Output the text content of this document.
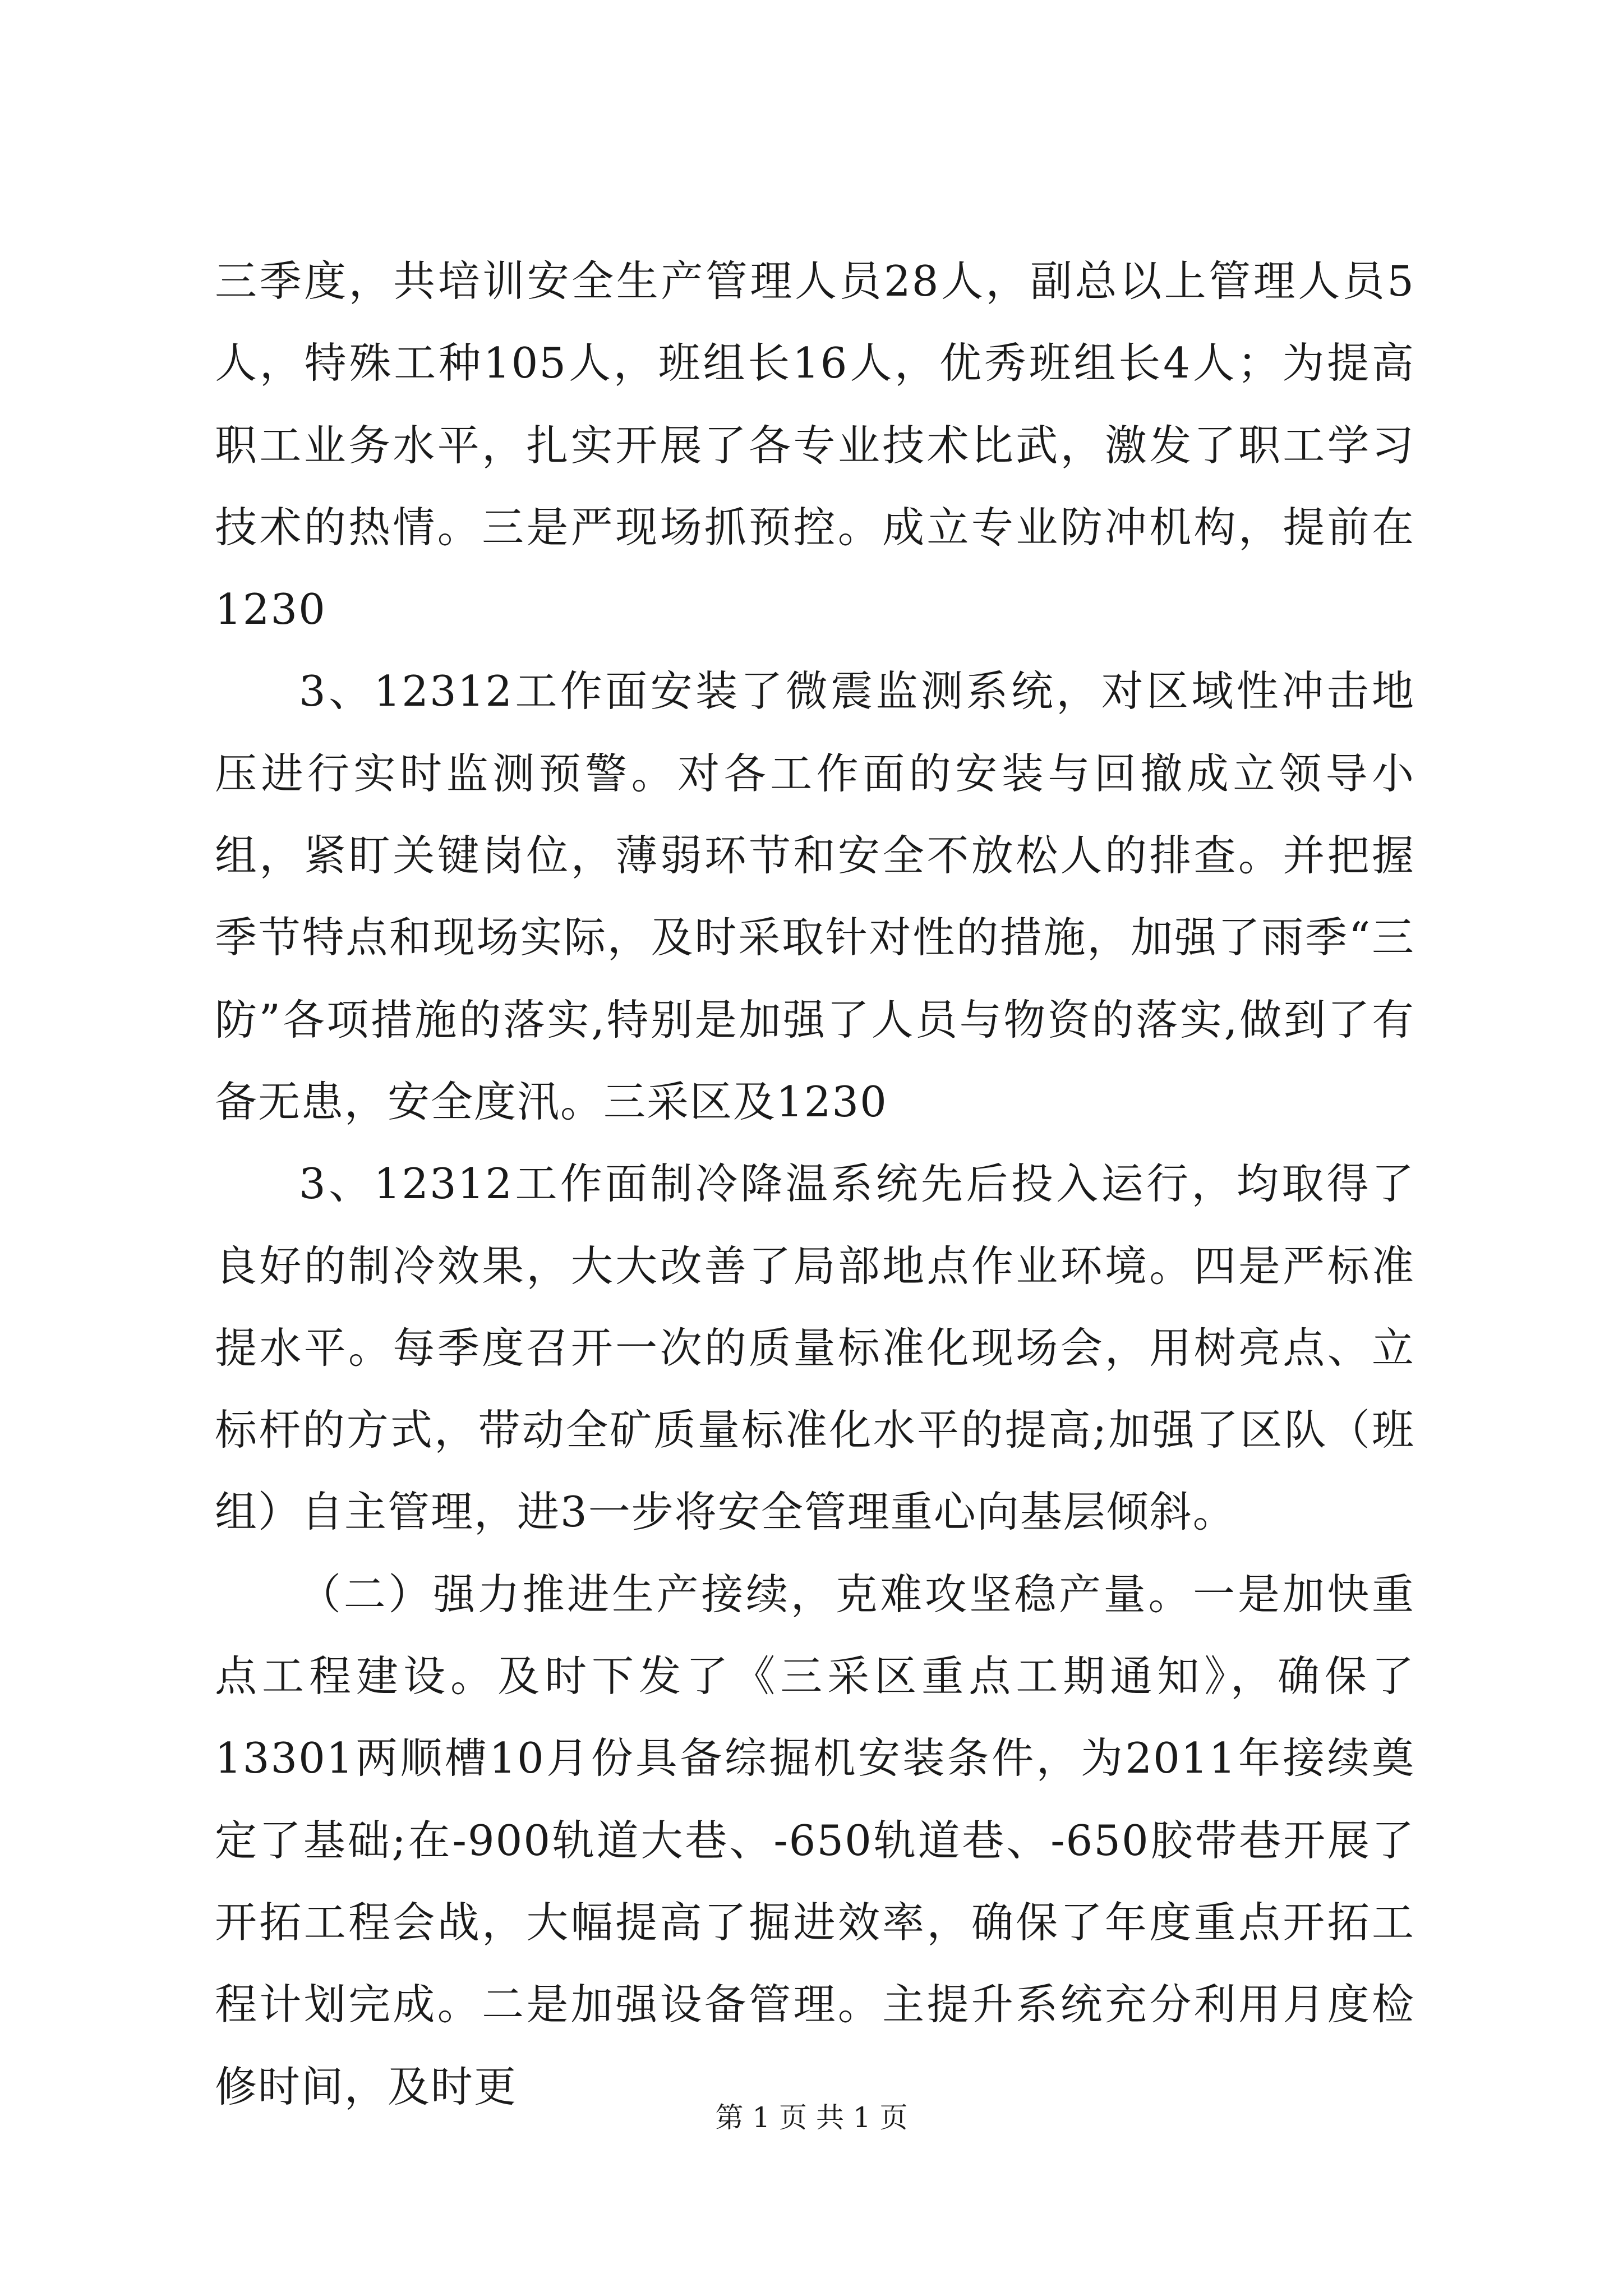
三季度，共培训安全生产管理人员28人，副总以上管理人员5人，特殊工种105人，班组长16人，优秀班组长4人；为提高职工业务水平，扎实开展了各专业技术比武，激发了职工学习技术的热情。三是严现场抓预控。成立专业防冲机构，提前在1230

3、12312工作面安装了微震监测系统，对区域性冲击地压进行实时监测预警。对各工作面的安装与回撤成立领导小组，紧盯关键岗位，薄弱环节和安全不放松人的排查。并把握季节特点和现场实际，及时采取针对性的措施，加强了雨季“三防”各项措施的落实,特别是加强了人员与物资的落实,做到了有备无患，安全度汛。三采区及1230

3、12312工作面制冷降温系统先后投入运行，均取得了良好的制冷效果，大大改善了局部地点作业环境。四是严标准提水平。每季度召开一次的质量标准化现场会，用树亮点、立标杆的方式，带动全矿质量标准化水平的提高;加强了区队（班组）自主管理，进3一步将安全管理重心向基层倾斜。

（二）强力推进生产接续，克难攻坚稳产量。一是加快重点工程建设。及时下发了《三采区重点工期通知》，确保了13301两顺槽10月份具备综掘机安装条件，为2011年接续奠定了基础;在-900轨道大巷、-650轨道巷、-650胶带巷开展了开拓工程会战，大幅提高了掘进效率，确保了年度重点开拓工程计划完成。二是加强设备管理。主提升系统充分利用月度检修时间，及时更

第 1 页 共 1 页
